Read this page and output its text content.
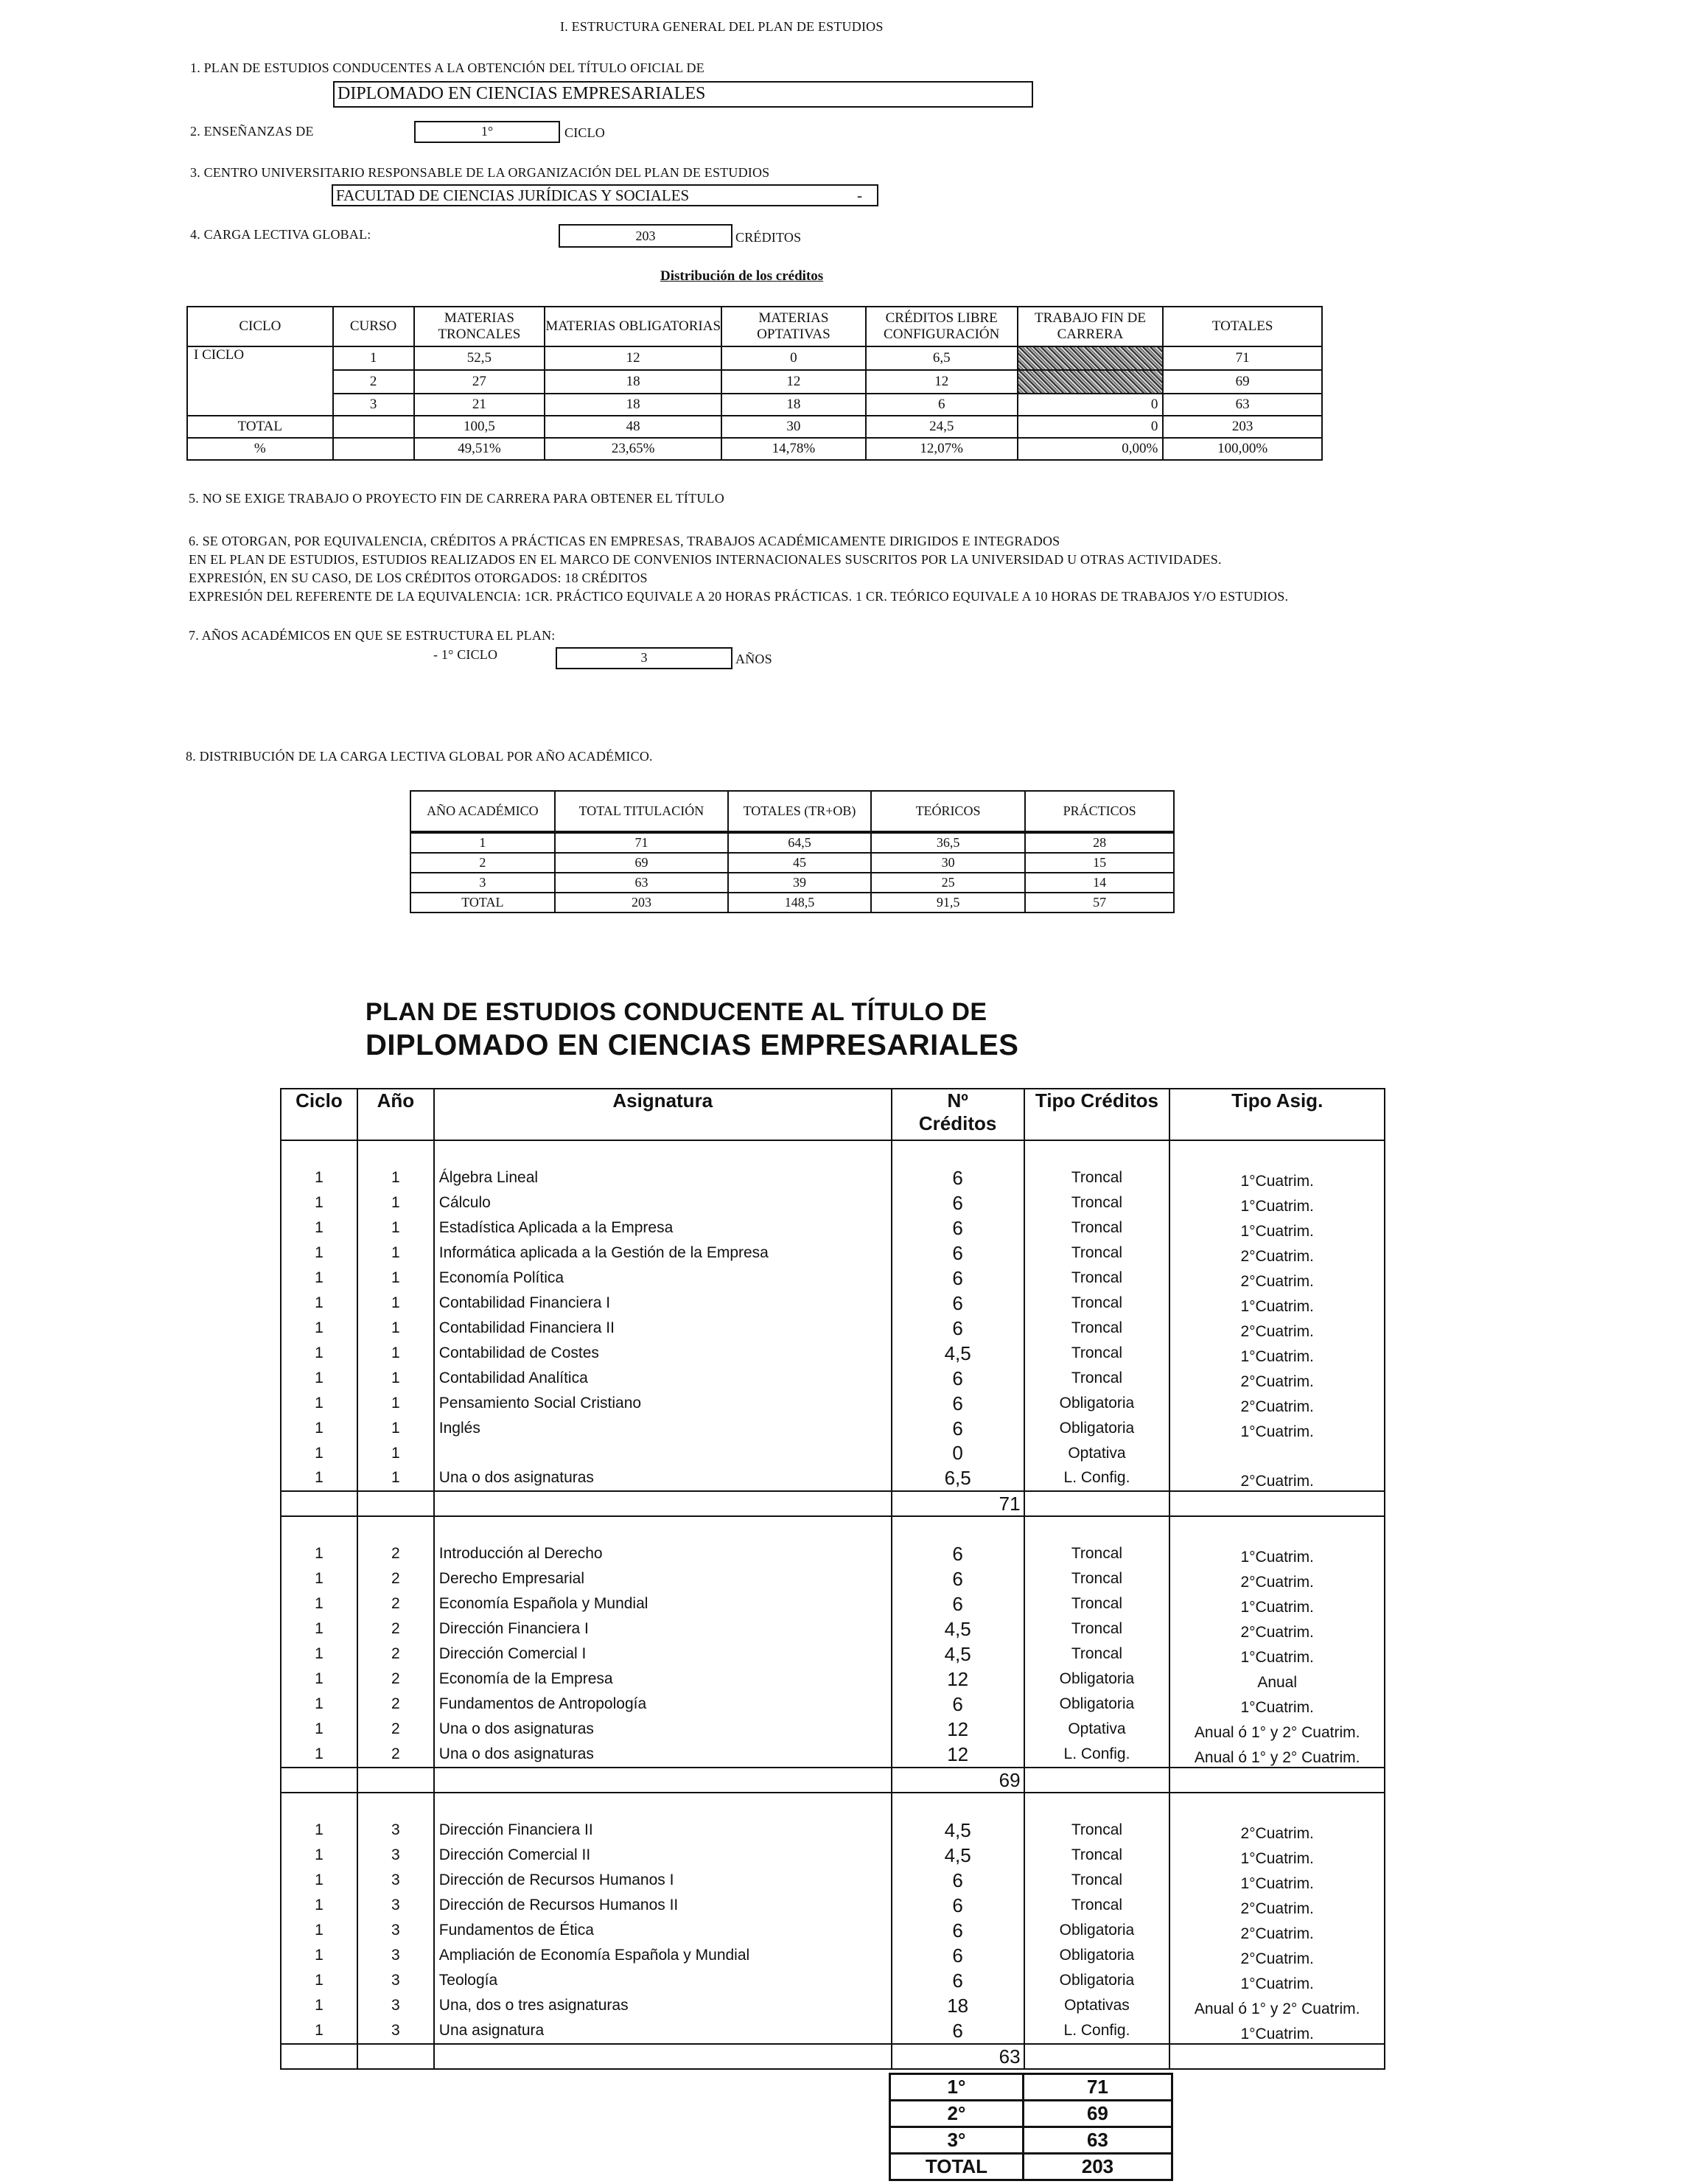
I. ESTRUCTURA GENERAL DEL PLAN DE ESTUDIOS
1. PLAN DE ESTUDIOS CONDUCENTES A LA OBTENCIÓN DEL TÍTULO OFICIAL DE
DIPLOMADO EN CIENCIAS EMPRESARIALES
2. ENSEÑANZAS DE	1°	CICLO
3. CENTRO UNIVERSITARIO RESPONSABLE DE LA ORGANIZACIÓN DEL PLAN DE ESTUDIOS
FACULTAD DE CIENCIAS JURÍDICAS Y SOCIALES	-
4. CARGA LECTIVA GLOBAL:	203	CRÉDITOS
Distribución de los créditos
CICLO	CURSO	MATERIAS TRONCALES	MATERIAS OBLIGATORIAS	MATERIAS OPTATIVAS	CRÉDITOS LIBRE CONFIGURACIÓN	TRABAJO FIN DE CARRERA	TOTALES
I CICLO	1	52,5	12	0	6,5		71
	2	27	18	12	12		69
	3	21	18	18	6	0	63
TOTAL		100,5	48	30	24,5	0	203
%		49,51%	23,65%	14,78%	12,07%	0,00%	100,00%
5. NO SE EXIGE TRABAJO O PROYECTO FIN DE CARRERA PARA OBTENER EL TÍTULO
6. SE OTORGAN, POR EQUIVALENCIA, CRÉDITOS A PRÁCTICAS EN EMPRESAS, TRABAJOS ACADÉMICAMENTE DIRIGIDOS E INTEGRADOS
EN EL PLAN DE ESTUDIOS, ESTUDIOS REALIZADOS EN EL MARCO DE CONVENIOS INTERNACIONALES SUSCRITOS POR LA UNIVERSIDAD U OTRAS ACTIVIDADES.
EXPRESIÓN, EN SU CASO, DE LOS CRÉDITOS OTORGADOS: 18 CRÉDITOS
EXPRESIÓN DEL REFERENTE DE LA EQUIVALENCIA: 1CR. PRÁCTICO EQUIVALE A 20 HORAS PRÁCTICAS. 1 CR. TEÓRICO EQUIVALE A 10 HORAS DE TRABAJOS Y/O ESTUDIOS.
7. AÑOS ACADÉMICOS EN QUE SE ESTRUCTURA EL PLAN:
- 1° CICLO	3	AÑOS
8. DISTRIBUCIÓN DE LA CARGA LECTIVA GLOBAL POR AÑO ACADÉMICO.
AÑO ACADÉMICO	TOTAL TITULACIÓN	TOTALES (TR+OB)	TEÓRICOS	PRÁCTICOS
1	71	64,5	36,5	28
2	69	45	30	15
3	63	39	25	14
TOTAL	203	148,5	91,5	57
PLAN DE ESTUDIOS CONDUCENTE AL TÍTULO DE
DIPLOMADO EN CIENCIAS EMPRESARIALES
Ciclo	Año	Asignatura	Nº
Créditos	Tipo Créditos	Tipo Asig.

1	1	Álgebra Lineal	6	Troncal	1°Cuatrim.
1	1	Cálculo	6	Troncal	1°Cuatrim.
1	1	Estadística Aplicada a la Empresa	6	Troncal	1°Cuatrim.
1	1	Informática aplicada a la Gestión de la Empresa	6	Troncal	2°Cuatrim.
1	1	Economía Política	6	Troncal	2°Cuatrim.
1	1	Contabilidad Financiera I	6	Troncal	1°Cuatrim.
1	1	Contabilidad Financiera II	6	Troncal	2°Cuatrim.
1	1	Contabilidad de Costes	4,5	Troncal	1°Cuatrim.
1	1	Contabilidad Analítica	6	Troncal	2°Cuatrim.
1	1	Pensamiento Social Cristiano	6	Obligatoria	2°Cuatrim.
1	1	Inglés	6	Obligatoria	1°Cuatrim.
1	1		0	Optativa	
1	1	Una o dos asignaturas	6,5	L. Config.	2°Cuatrim.
			71		

1	2	Introducción al Derecho	6	Troncal	1°Cuatrim.
1	2	Derecho Empresarial	6	Troncal	2°Cuatrim.
1	2	Economía Española y Mundial	6	Troncal	1°Cuatrim.
1	2	Dirección Financiera I	4,5	Troncal	2°Cuatrim.
1	2	Dirección Comercial I	4,5	Troncal	1°Cuatrim.
1	2	Economía de la Empresa	12	Obligatoria	Anual
1	2	Fundamentos de Antropología	6	Obligatoria	1°Cuatrim.
1	2	Una o dos asignaturas	12	Optativa	Anual ó 1° y 2° Cuatrim.
1	2	Una o dos asignaturas	12	L. Config.	Anual ó 1° y 2° Cuatrim.
			69		

1	3	Dirección Financiera II	4,5	Troncal	2°Cuatrim.
1	3	Dirección Comercial II	4,5	Troncal	1°Cuatrim.
1	3	Dirección de Recursos Humanos I	6	Troncal	1°Cuatrim.
1	3	Dirección de Recursos Humanos II	6	Troncal	2°Cuatrim.
1	3	Fundamentos de Ética	6	Obligatoria	2°Cuatrim.
1	3	Ampliación de Economía Española y Mundial	6	Obligatoria	2°Cuatrim.
1	3	Teología	6	Obligatoria	1°Cuatrim.
1	3	Una, dos o tres asignaturas	18	Optativas	Anual ó 1° y 2° Cuatrim.
1	3	Una asignatura	6	L. Config.	1°Cuatrim.
			63		
1°	71
2°	69
3°	63
TOTAL	203
